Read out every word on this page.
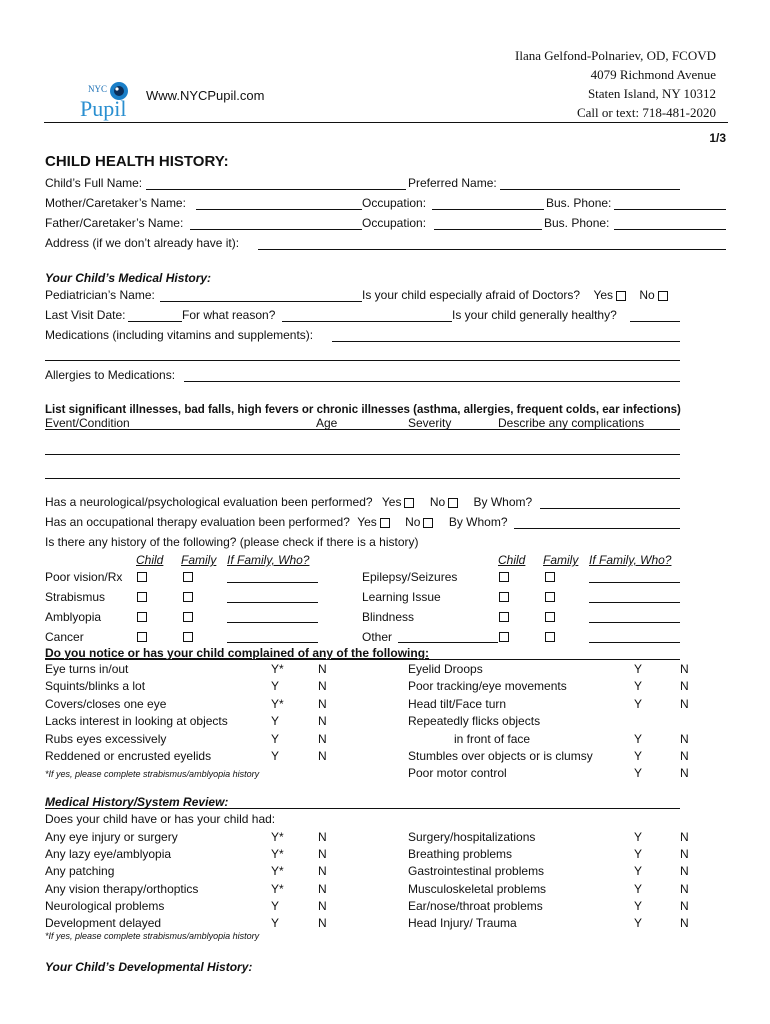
NYC
Pupil
Www.NYCPupil.com
Ilana Gelfond-Polnariev, OD, FCOVD
4079 Richmond Avenue
Staten Island, NY 10312
Call or text: 718-481-2020
1/3
CHILD HEALTH HISTORY:
Child’s Full Name:	Preferred Name:
Mother/Caretaker’s Name:	Occupation:	Bus. Phone:
Father/Caretaker’s Name:	Occupation:	Bus. Phone:
Address (if we don’t already have it):
Your Child’s Medical History:
Pediatrician’s Name:	Is your child especially afraid of Doctors? Yes No
Last Visit Date:	For what reason?	Is your child generally healthy?
Medications (including vitamins and supplements):
Allergies to Medications:
List significant illnesses, bad falls, high fevers or chronic illnesses (asthma, allergies, frequent colds, ear infections)
Event/Condition	Age	Severity	Describe any complications
Has a neurological/psychological evaluation been performed? Yes No By Whom?
Has an occupational therapy evaluation been performed? Yes No By Whom?
Is there any history of the following? (please check if there is a history)
Child Family If Family, Who?	Child Family If Family, Who?
Poor vision/Rx	Epilepsy/Seizures
Strabismus	Learning Issue
Amblyopia	Blindness
Cancer	Other
Do you notice or has your child complained of any of the following:
Eye turns in/out	Y*	N
Squints/blinks a lot	Y	N
Covers/closes one eye	Y*	N
Lacks interest in looking at objects	Y	N
Rubs eyes excessively	Y	N
Reddened or encrusted eyelids	Y	N
Eyelid Droops	Y	N
Poor tracking/eye movements	Y	N
Head tilt/Face turn	Y	N
Repeatedly flicks objects
in front of face	Y	N
Stumbles over objects or is clumsy	Y	N
Poor motor control	Y	N
*If yes, please complete strabismus/amblyopia history
Medical History/System Review:
Does your child have or has your child had:
Any eye injury or surgery	Y*	N
Any lazy eye/amblyopia	Y*	N
Any patching	Y*	N
Any vision therapy/orthoptics	Y*	N
Neurological problems	Y	N
Development delayed	Y	N
Surgery/hospitalizations	Y	N
Breathing problems	Y	N
Gastrointestinal problems	Y	N
Musculoskeletal problems	Y	N
Ear/nose/throat problems	Y	N
Head Injury/ Trauma	Y	N
*If yes, please complete strabismus/amblyopia history
Your Child’s Developmental History:
